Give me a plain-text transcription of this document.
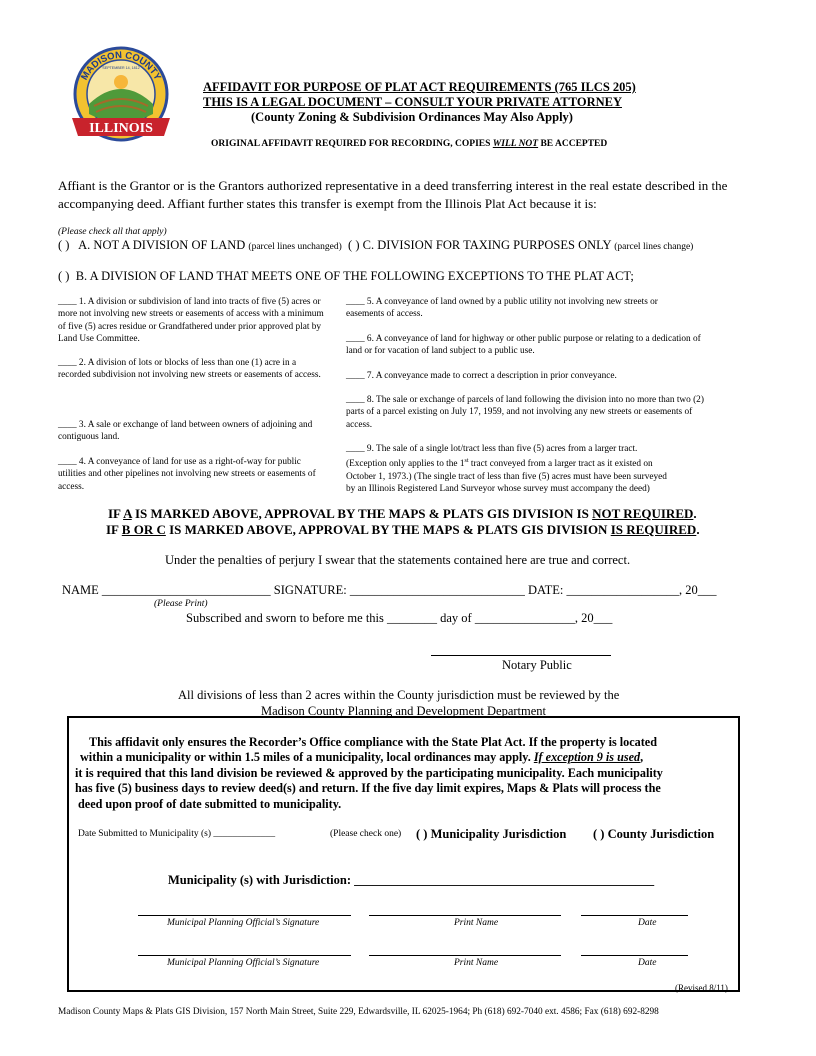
MADISON COUNTY
ILLINOIS
SEPTEMBER 14, 1812
AFFIDAVIT FOR PURPOSE OF PLAT ACT REQUIREMENTS (765 ILCS 205)
THIS IS A LEGAL DOCUMENT – CONSULT YOUR PRIVATE ATTORNEY
(County Zoning & Subdivision Ordinances May Also Apply)
ORIGINAL AFFIDAVIT REQUIRED FOR RECORDING, COPIES WILL NOT BE ACCEPTED
Affiant is the Grantor or is the Grantors authorized representative in a deed transferring interest in the real estate described in the accompanying deed. Affiant further states this transfer is exempt from the Illinois Plat Act because it is:
(Please check all that apply)
( ) A. NOT A DIVISION OF LAND (parcel lines unchanged) ( ) C. DIVISION FOR TAXING PURPOSES ONLY (parcel lines change)
( ) B. A DIVISION OF LAND THAT MEETS ONE OF THE FOLLOWING EXCEPTIONS TO THE PLAT ACT;
____ 1. A division or subdivision of land into tracts of five (5) acres or more not involving new streets or easements of access with a minimum of five (5) acres residue or Grandfathered under prior approved plat by Land Use Committee.
____ 2. A division of lots or blocks of less than one (1) acre in a recorded subdivision not involving new streets or easements of access.
____ 3. A sale or exchange of land between owners of adjoining and contiguous land.
____ 4. A conveyance of land for use as a right-of-way for public utilities and other pipelines not involving new streets or easements of access.
____ 5. A conveyance of land owned by a public utility not involving new streets or easements of access.
____ 6. A conveyance of land for highway or other public purpose or relating to a dedication of land or for vacation of land subject to a public use.
____ 7. A conveyance made to correct a description in prior conveyance.
____ 8. The sale or exchange of parcels of land following the division into no more than two (2) parts of a parcel existing on July 17, 1959, and not involving any new streets or easements of access.
____ 9. The sale of a single lot/tract less than five (5) acres from a larger tract.
(Exception only applies to the 1st tract conveyed from a larger tract as it existed on
October 1, 1973.) (The single tract of less than five (5) acres must have been surveyed
by an Illinois Registered Land Surveyor whose survey must accompany the deed)
IF A IS MARKED ABOVE, APPROVAL BY THE MAPS & PLATS GIS DIVISION IS NOT REQUIRED.
IF B OR C IS MARKED ABOVE, APPROVAL BY THE MAPS & PLATS GIS DIVISION IS REQUIRED.
Under the penalties of perjury I swear that the statements contained here are true and correct.
NAME ___________________________ SIGNATURE: ____________________________ DATE: __________________, 20___
(Please Print)
Subscribed and sworn to before me this ________ day of ________________, 20___
Notary Public
All divisions of less than 2 acres within the County jurisdiction must be reviewed by the
Madison County Planning and Development Department
This affidavit only ensures the Recorder’s Office compliance with the State Plat Act. If the property is located
within a municipality or within 1.5 miles of a municipality, local ordinances may apply. If exception 9 is used,
it is required that this land division be reviewed & approved by the participating municipality. Each municipality
has five (5) business days to review deed(s) and return. If the five day limit expires, Maps & Plats will process the
deed upon proof of date submitted to municipality.
Date Submitted to Municipality (s) _____________	(Please check one) ( ) Municipality Jurisdiction ( ) County Jurisdiction
Municipality (s) with Jurisdiction: ________________________________________________
Municipal Planning Official’s Signature	Print Name	Date
Municipal Planning Official’s Signature	Print Name	Date
(Revised 8/11)
Madison County Maps & Plats GIS Division, 157 North Main Street, Suite 229, Edwardsville, IL 62025-1964; Ph (618) 692-7040 ext. 4586; Fax (618) 692-8298
